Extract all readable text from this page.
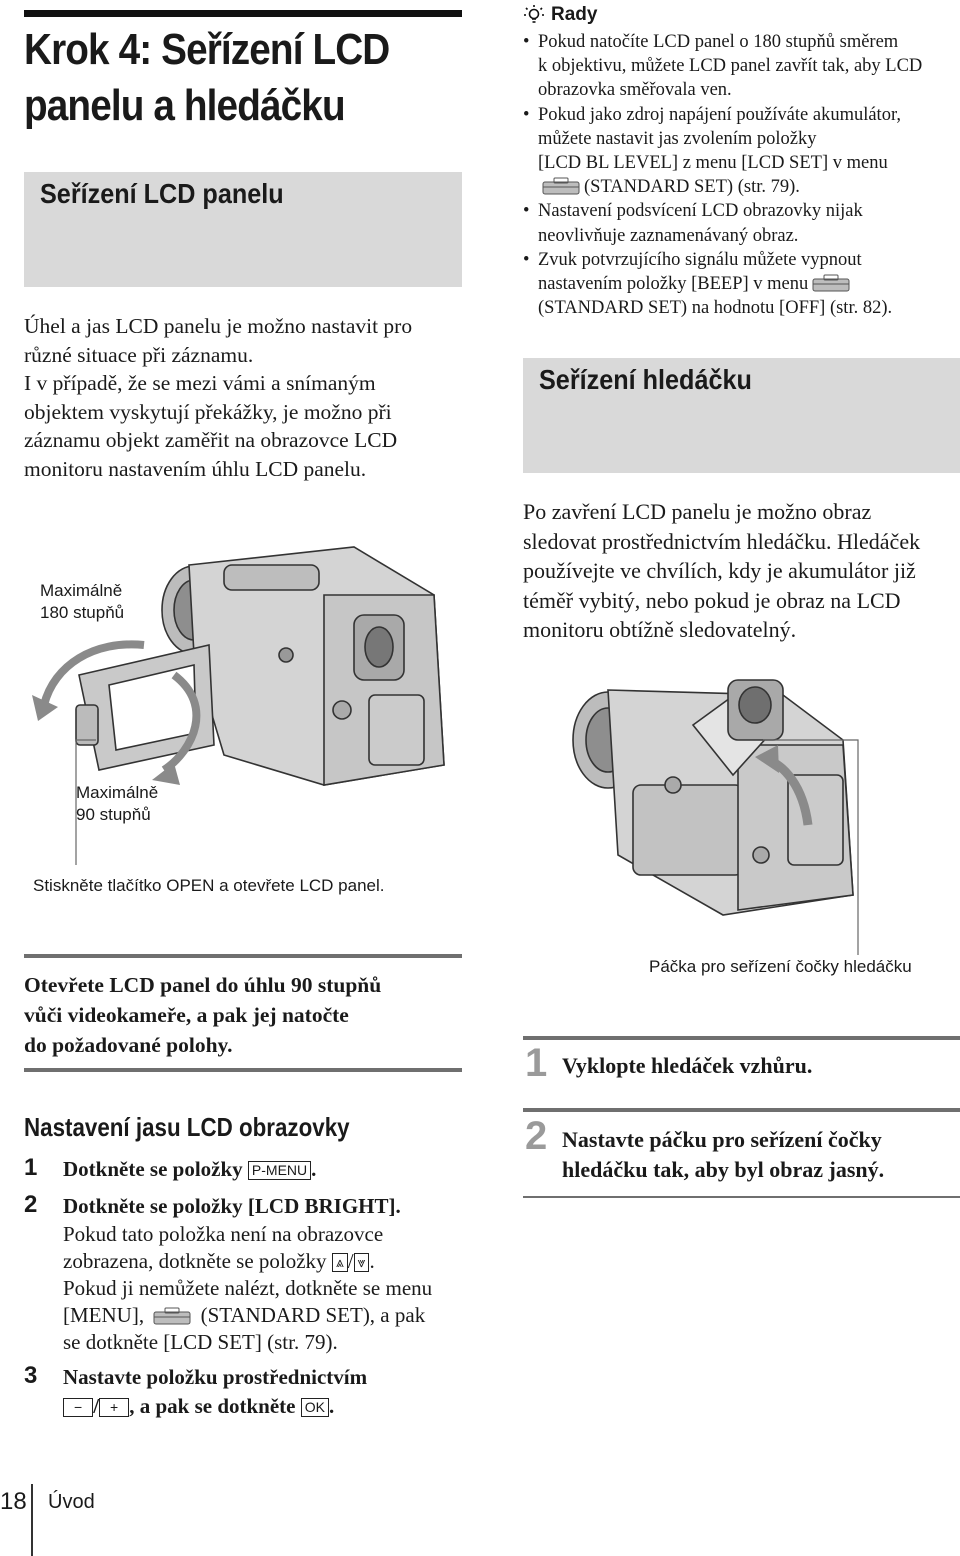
Krok 4: Seřízení LCD
panelu a hledáčku
Seřízení LCD panelu
Úhel a jas LCD panelu je možno nastavit pro
různé situace při záznamu.
I v případě, že se mezi vámi a snímaným
objektem vyskytují překážky, je možno při
záznamu objekt zaměřit na obrazovce LCD
monitoru nastavením úhlu LCD panelu.
Maximálně
180 stupňů
Maximálně
90 stupňů
Stiskněte tlačítko OPEN a otevřete LCD panel.
Otevřete LCD panel do úhlu 90 stupňů
vůči videokameře, a pak jej natočte
do požadované polohy.
Nastavení jasu LCD obrazovky
1 Dotkněte se položky P-MENU .
2 Dotkněte se položky [LCD BRIGHT].
Pokud tato položka není na obrazovce
zobrazena, dotkněte se položky ⩓ / ⩔ .
Pokud ji nemůžete nalézt, dotkněte se menu
[MENU],	(STANDARD SET), a pak
se dotkněte [LCD SET] (str. 79).
3 Nastavte položku prostřednictvím
− / + , a pak se dotkněte OK .
18 Úvod
Rady
• Pokud natočíte LCD panel o 180 stupňů směrem
k objektivu, můžete LCD panel zavřít tak, aby LCD
obrazovka směřovala ven.
• Pokud jako zdroj napájení používáte akumulátor,
můžete nastavit jas zvolením položky
[LCD BL LEVEL] z menu [LCD SET] v menu
(STANDARD SET) (str. 79).
• Nastavení podsvícení LCD obrazovky nijak
neovlivňuje zaznamenávaný obraz.
• Zvuk potvrzujícího signálu můžete vypnout
nastavením položky [BEEP] v menu
(STANDARD SET) na hodnotu [OFF] (str. 82).
Seřízení hledáčku
Po zavření LCD panelu je možno obraz
sledovat prostřednictvím hledáčku. Hledáček
používejte ve chvílích, kdy je akumulátor již
téměř vybitý, nebo pokud je obraz na LCD
monitoru obtížně sledovatelný.
Páčka pro seřízení čočky hledáčku
1 Vyklopte hledáček vzhůru.
2 Nastavte páčku pro seřízení čočky
hledáčku tak, aby byl obraz jasný.
